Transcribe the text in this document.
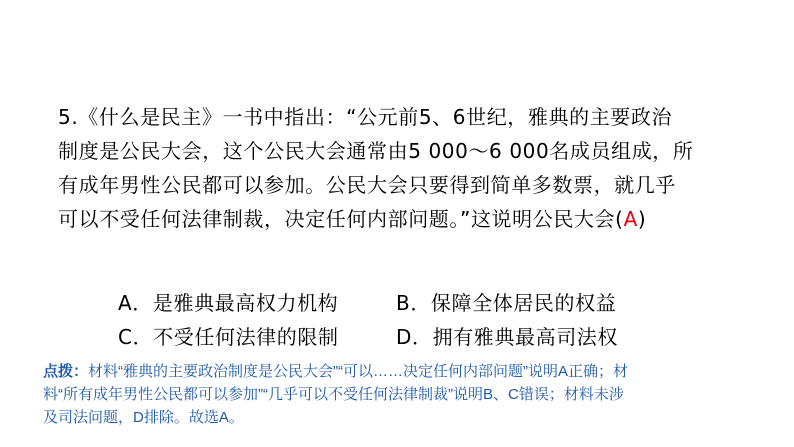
5.《什么是民主》一书中指出：“公元前5、6世纪，雅典的主要政治
制度是公民大会，这个公民大会通常由5 000～6 000名成员组成，所
有成年男性公民都可以参加。公民大会只要得到简单多数票，就几乎
可以不受任何法律制裁，决定任何内部问题。”这说明公民大会(A)
A．是雅典最高权力机构	B．保障全体居民的权益
C．不受任何法律的限制	D．拥有雅典最高司法权
点拨：材料“雅典的主要政治制度是公民大会”“可以……决定任何内部问题”说明A正确；材
料“所有成年男性公民都可以参加”“几乎可以不受任何法律制裁”说明B、C错误；材料未涉
及司法问题，D排除。故选A。
